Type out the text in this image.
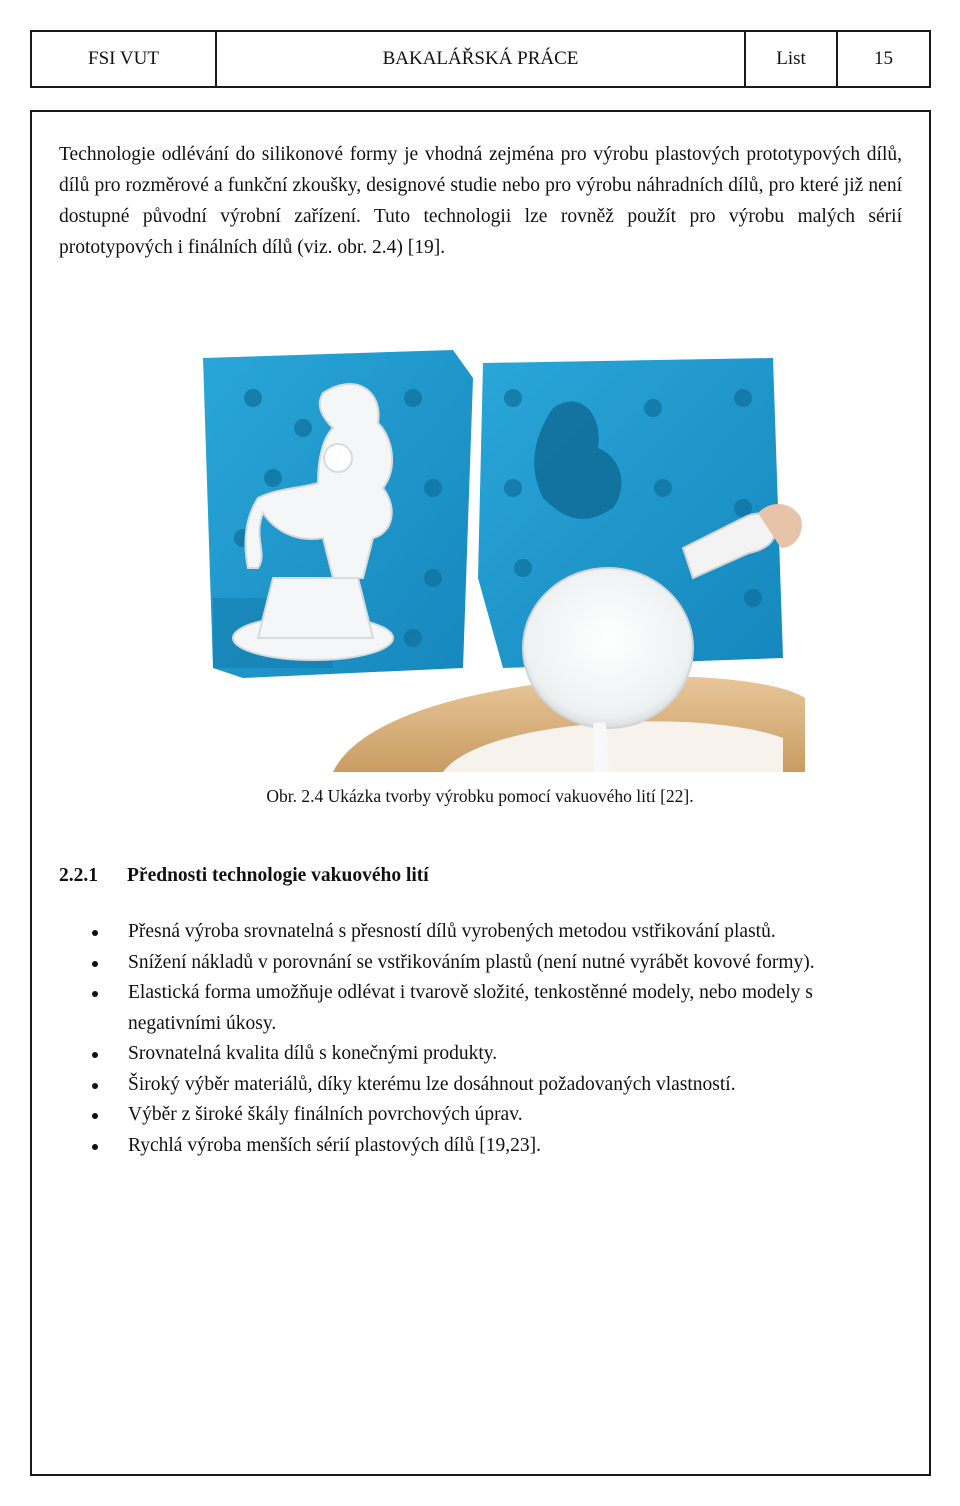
FSI VUT	BAKALÁŘSKÁ PRÁCE	List	15

Technologie odlévání do silikonové formy je vhodná zejména pro výrobu plastových prototypových dílů, dílů pro rozměrové a funkční zkoušky, designové studie nebo pro výrobu náhradních dílů, pro které již není dostupné původní výrobní zařízení. Tuto technologii lze rovněž použít pro výrobu malých sérií prototypových i finálních dílů (viz. obr. 2.4) [19].

Obr. 2.4 Ukázka tvorby výrobku pomocí vakuového lití [22].
2.2.1 Přednosti technologie vakuového lití
Přesná výroba srovnatelná s přesností dílů vyrobených metodou vstřikování plastů.
Snížení nákladů v porovnání se vstřikováním plastů (není nutné vyrábět kovové formy).
Elastická forma umožňuje odlévat i tvarově složité, tenkostěnné modely, nebo modely s negativními úkosy.
Srovnatelná kvalita dílů s konečnými produkty.
Široký výběr materiálů, díky kterému lze dosáhnout požadovaných vlastností.
Výběr z široké škály finálních povrchových úprav.
Rychlá výroba menších sérií plastových dílů [19,23].
